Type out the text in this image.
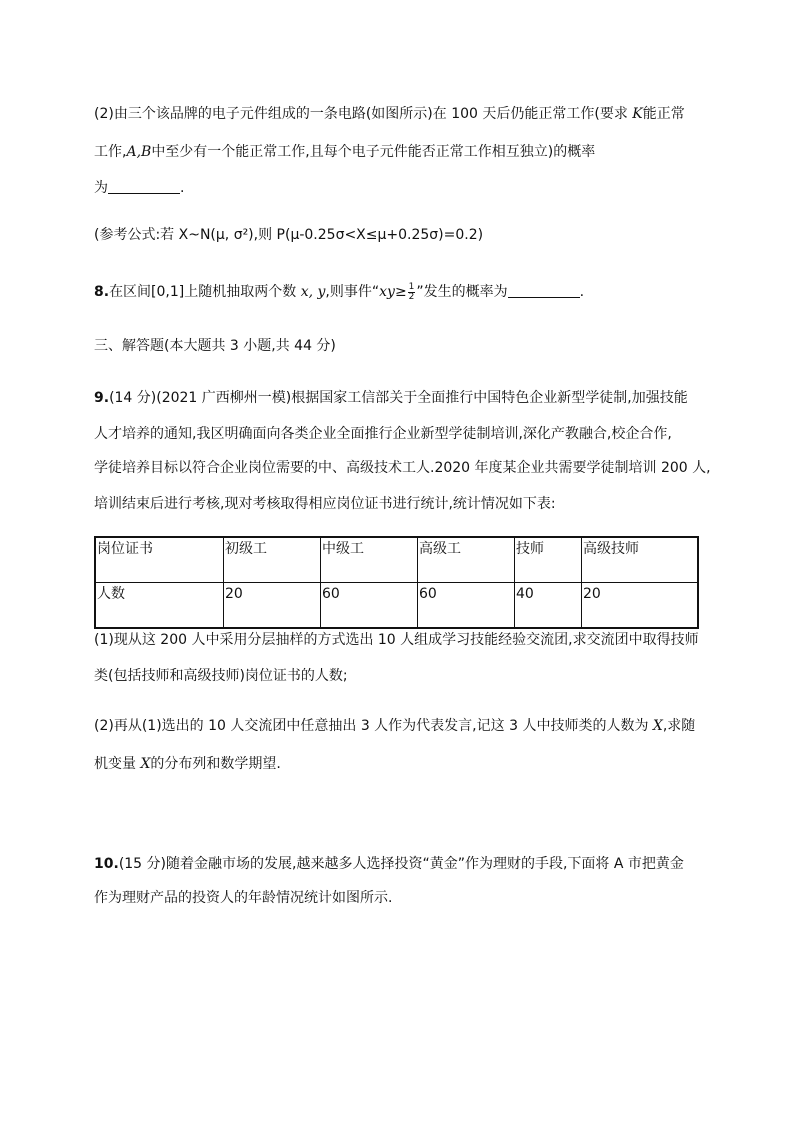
(2)由三个该品牌的电子元件组成的一条电路(如图所示)在 100 天后仍能正常工作(要求 K能正常
工作,A,B中至少有一个能正常工作,且每个电子元件能否正常工作相互独立)的概率
为	.
(参考公式:若 X~N(μ, σ²),则 P(μ-0.25σ<X≤μ+0.25σ)=0.2)
8.在区间[0,1]上随机抽取两个数 x, y,则事件“$xy\ge \frac{1}{2}$ ”发生的概率为	.
三、解答题(本大题共 3 小题,共 44 分)
9.(14 分)(2021 广西柳州一模)根据国家工信部关于全面推行中国特色企业新型学徒制,加强技能
人才培养的通知,我区明确面向各类企业全面推行企业新型学徒制培训,深化产教融合,校企合作,
学徒培养目标以符合企业岗位需要的中、高级技术工人.2020 年度某企业共需要学徒制培训 200 人,
培训结束后进行考核,现对考核取得相应岗位证书进行统计,统计情况如下表:
岗位证书	初级工	中级工	高级工	技师	高级技师
人数	20	60	60	40	20
(1)现从这 200 人中采用分层抽样的方式选出 10 人组成学习技能经验交流团,求交流团中取得技师
类(包括技师和高级技师)岗位证书的人数;
(2)再从(1)选出的 10 人交流团中任意抽出 3 人作为代表发言,记这 3 人中技师类的人数为 X,求随
机变量 X的分布列和数学期望.
10.(15 分)随着金融市场的发展,越来越多人选择投资“黄金”作为理财的手段,下面将 A 市把黄金
作为理财产品的投资人的年龄情况统计如图所示.
